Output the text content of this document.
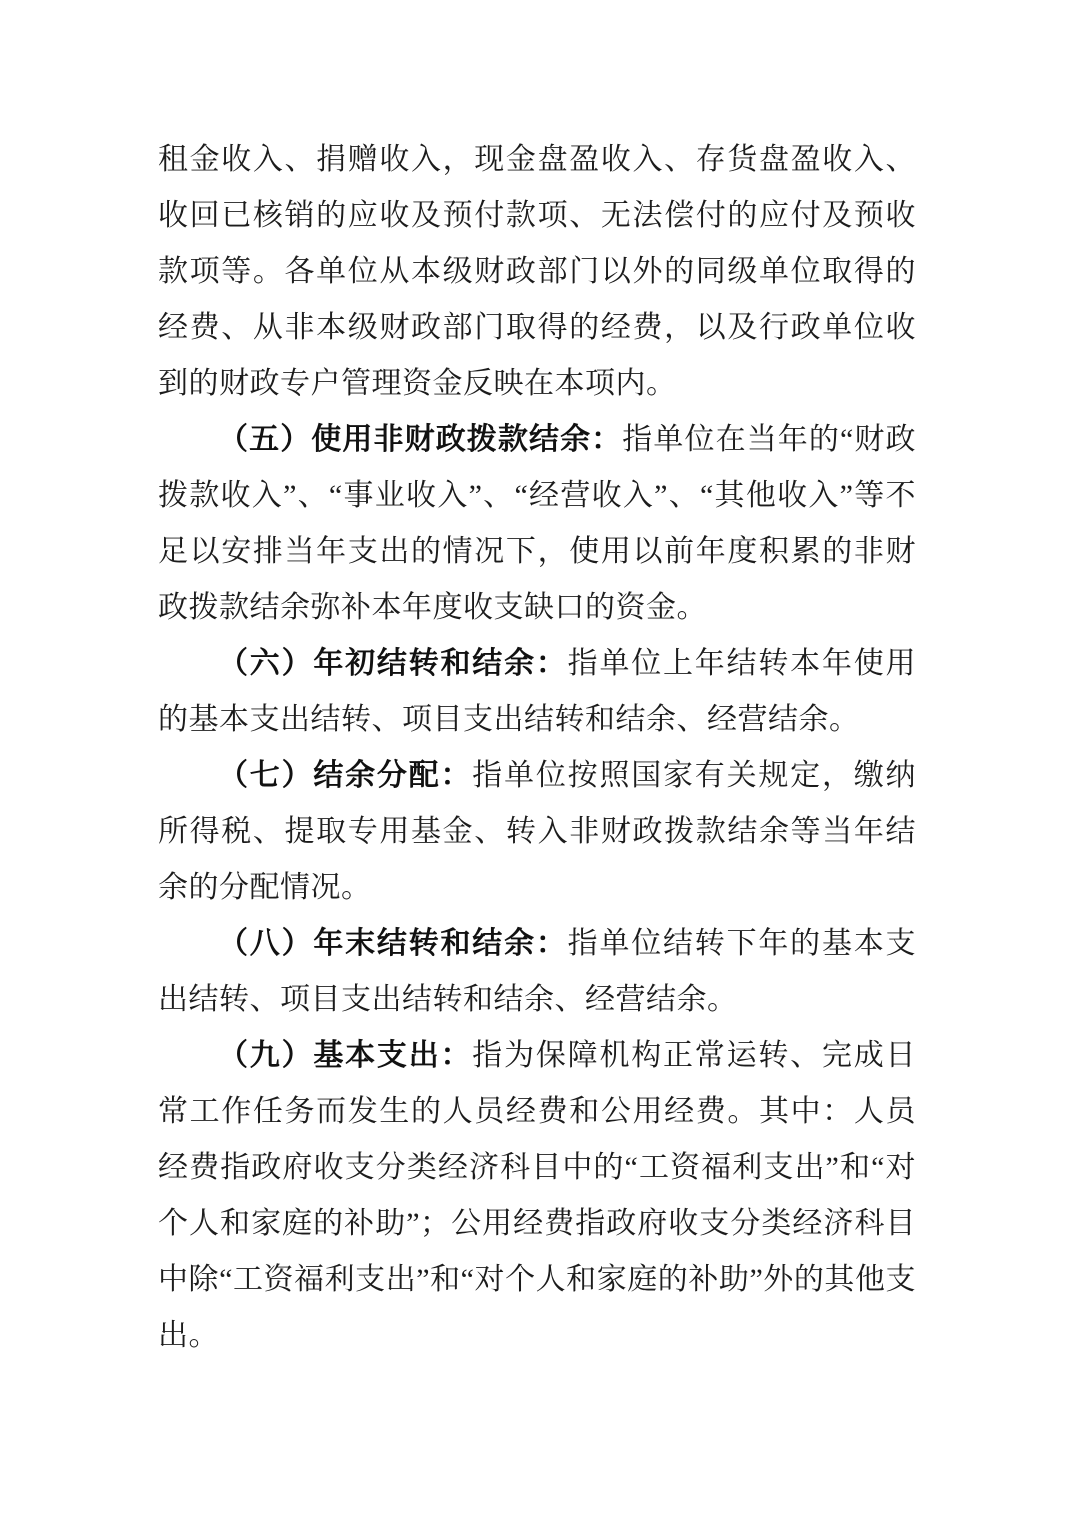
租金收入、捐赠收入，现金盘盈收入、存货盘盈收入、收回已核销的应收及预付款项、无法偿付的应付及预收款项等。各单位从本级财政部门以外的同级单位取得的经费、从非本级财政部门取得的经费，以及行政单位收到的财政专户管理资金反映在本项内。

（五）使用非财政拨款结余：指单位在当年的“财政拨款收入”、“事业收入”、“经营收入”、“其他收入”等不足以安排当年支出的情况下，使用以前年度积累的非财政拨款结余弥补本年度收支缺口的资金。

（六）年初结转和结余：指单位上年结转本年使用的基本支出结转、项目支出结转和结余、经营结余。

（七）结余分配：指单位按照国家有关规定，缴纳所得税、提取专用基金、转入非财政拨款结余等当年结余的分配情况。

（八）年末结转和结余：指单位结转下年的基本支出结转、项目支出结转和结余、经营结余。

（九）基本支出：指为保障机构正常运转、完成日常工作任务而发生的人员经费和公用经费。其中：人员经费指政府收支分类经济科目中的“工资福利支出”和“对个人和家庭的补助”；公用经费指政府收支分类经济科目中除“工资福利支出”和“对个人和家庭的补助”外的其他支出。
